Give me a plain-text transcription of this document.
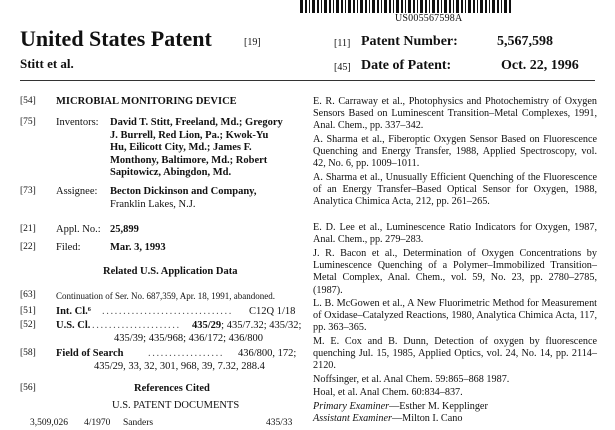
US005567598A
United States Patent	[19]
Stitt et al.
[11] Patent Number:	5,567,598
[45] Date of Patent:	Oct. 22, 1996
[54] MICROBIAL MONITORING DEVICE
[75] Inventors: David T. Stitt, Freeland, Md.; Gregory
J. Burrell, Red Lion, Pa.; Kwok-Yu
Hu, Eilicott City, Md.; James F.
Monthony, Baltimore, Md.; Robert
Sapitowicz, Abingdon, Md.
[73] Assignee: Becton Dickinson and Company,
Franklin Lakes, N.J.
[21] Appl. No.: 25,899
[22] Filed:	Mar. 3, 1993
Related U.S. Application Data
[63] Continuation of Ser. No. 687,359, Apr. 18, 1991, abandoned.
[51] Int. Cl.⁶ ............................... C12Q 1/18
[52] U.S. Cl. ..................... 435/29; 435/7.32; 435/32;
435/39; 435/968; 436/172; 436/800
[58] Field of Search .................. 436/800, 172;
435/29, 33, 32, 301, 968, 39, 7.32, 288.4
[56]	References Cited
U.S. PATENT DOCUMENTS
3,509,026 4/1970 Sanders	435/33
E. R. Carraway et al., Photophysics and Photochemistry of Oxygen Sensors Based on Luminescent Transition–Metal Complexes, 1991, Anal. Chem., pp. 337–342.
A. Sharma et al., Fiberoptic Oxygen Sensor Based on Fluorescence Quenching and Energy Transfer, 1988, Applied Spectroscopy, vol. 42, No. 6, pp. 1009–1011.
A. Sharma et al., Unusually Efficient Quenching of the Fluorescence of an Energy Transfer–Based Optical Sensor for Oxygen, 1988, Analytica Chimica Acta, 212, pp. 261–265.
E. D. Lee et al., Luminescence Ratio Indicators for Oxygen, 1987, Anal. Chem., pp. 279–283.
J. R. Bacon et al., Determination of Oxygen Concentrations by Luminescence Quenching of a Polymer–Immobilized Transition–Metal Complex, Anal. Chem., vol. 59, No. 23, pp. 2780–2785, (1987).
L. B. McGowen et al., A New Fluorimetric Method for Measurement of Oxidase–Catalyzed Reactions, 1980, Analytica Chimica Acta, 117, pp. 363–365.
M. E. Cox and B. Dunn, Detection of oxygen by fluorescence quenching Jul. 15, 1985, Applied Optics, vol. 24, No. 14, pp. 2114–2120.
Noffsinger, et al. Anal Chem. 59:865–868 1987.
Hoal, et al. Anal Chem. 60:834–837.
Primary Examiner—Esther M. Kepplinger
Assistant Examiner—Milton I. Cano
